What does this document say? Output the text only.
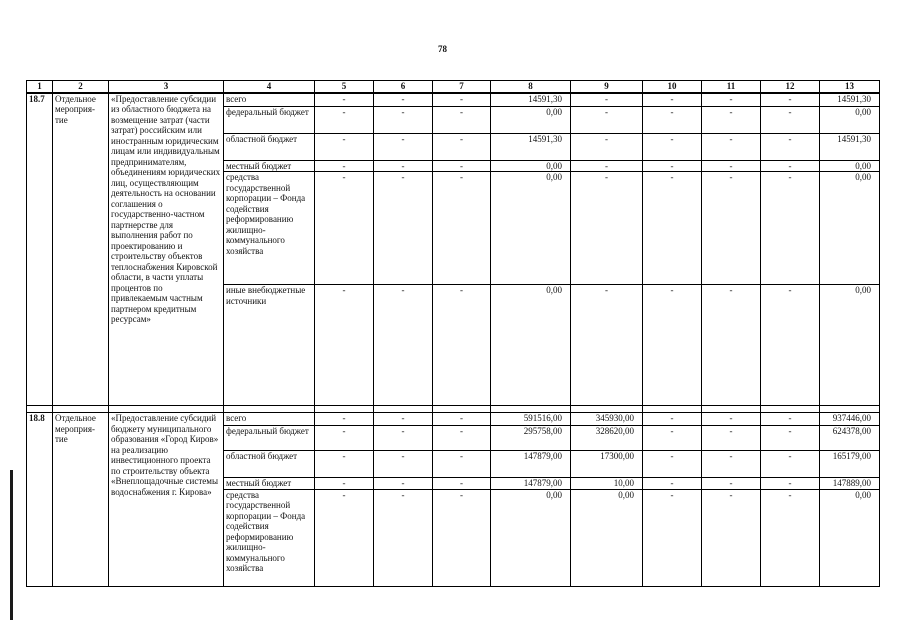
78
1	2	3	4	5	6	7	8	9	10	11	12	13
18.7	Отдельное мероприя-тие	«Предоставление субсидии из областного бюджета на возмещение затрат (части затрат) российским или иностранным юридическим лицам или индивидуальным предпринимателям, объединениям юридических лиц, осуществляющим деятельность на основании соглашения о государственно-частном партнерстве для выполнения работ по проектированию и строительству объектов теплоснабжения Кировской области, в части уплаты процентов по привлекаемым частным партнером кредитным ресурсам»	всего	-	-	-	14591,30	-	-	-	-	14591,30
			федеральный бюджет	-	-	-	0,00	-	-	-	-	0,00
			областной бюджет	-	-	-	14591,30	-	-	-	-	14591,30
			местный бюджет	-	-	-	0,00	-	-	-	-	0,00
			средства государственной корпорации – Фонда содействия реформированию жилищно-коммунального хозяйства	-	-	-	0,00	-	-	-	-	0,00
			иные внебюджетные источники	-	-	-	0,00	-	-	-	-	0,00

18.8	Отдельное мероприя-тие	«Предоставление субсидий бюджету муниципального образования «Город Киров» на реализацию инвестиционного проекта по строительству объекта «Внеплощадочные системы водоснабжения г. Кирова»	всего	-	-	-	591516,00	345930,00	-	-	-	937446,00
			федеральный бюджет	-	-	-	295758,00	328620,00	-	-	-	624378,00
			областной бюджет	-	-	-	147879,00	17300,00	-	-	-	165179,00
			местный бюджет	-	-	-	147879,00	10,00	-	-	-	147889,00
			средства государственной корпорации – Фонда содействия реформированию жилищно-коммунального хозяйства	-	-	-	0,00	0,00	-	-	-	0,00
